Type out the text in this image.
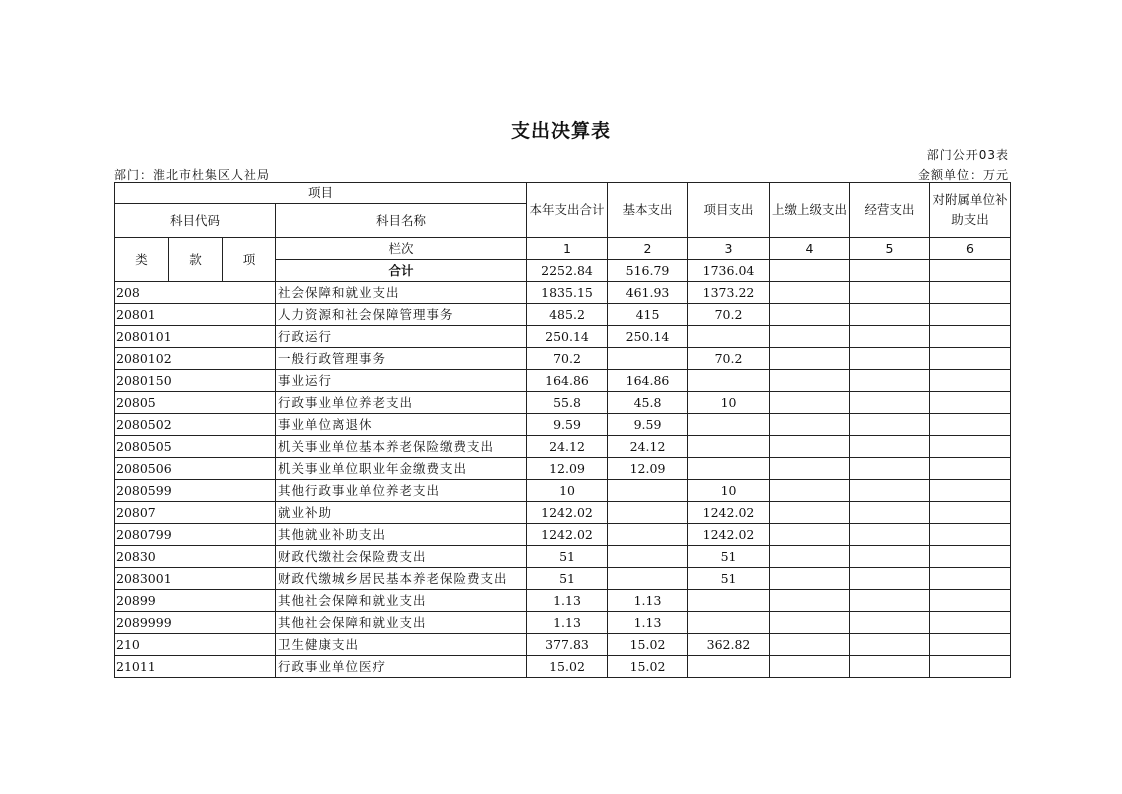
支出决算表
部门公开03表
部门：淮北市杜集区人社局	金额单位：万元
项目				本年支出合计	基本支出	项目支出	上缴上级支出	经营支出	对附属单位补助支出
科目代码			科目名称						
类	款	项	栏次	1	2	3	4	5	6
			合计	2252.84	516.79	1736.04			
208			社会保障和就业支出	1835.15	461.93	1373.22			
20801			人力资源和社会保障管理事务	485.2	415	70.2			
2080101			行政运行	250.14	250.14				
2080102			一般行政管理事务	70.2		70.2			
2080150			事业运行	164.86	164.86				
20805			行政事业单位养老支出	55.8	45.8	10			
2080502			事业单位离退休	9.59	9.59				
2080505			机关事业单位基本养老保险缴费支出	24.12	24.12				
2080506			机关事业单位职业年金缴费支出	12.09	12.09				
2080599			其他行政事业单位养老支出	10		10			
20807			就业补助	1242.02		1242.02			
2080799			其他就业补助支出	1242.02		1242.02			
20830			财政代缴社会保险费支出	51		51			
2083001			财政代缴城乡居民基本养老保险费支出	51		51			
20899			其他社会保障和就业支出	1.13	1.13				
2089999			其他社会保障和就业支出	1.13	1.13				
210			卫生健康支出	377.83	15.02	362.82			
21011			行政事业单位医疗	15.02	15.02				
